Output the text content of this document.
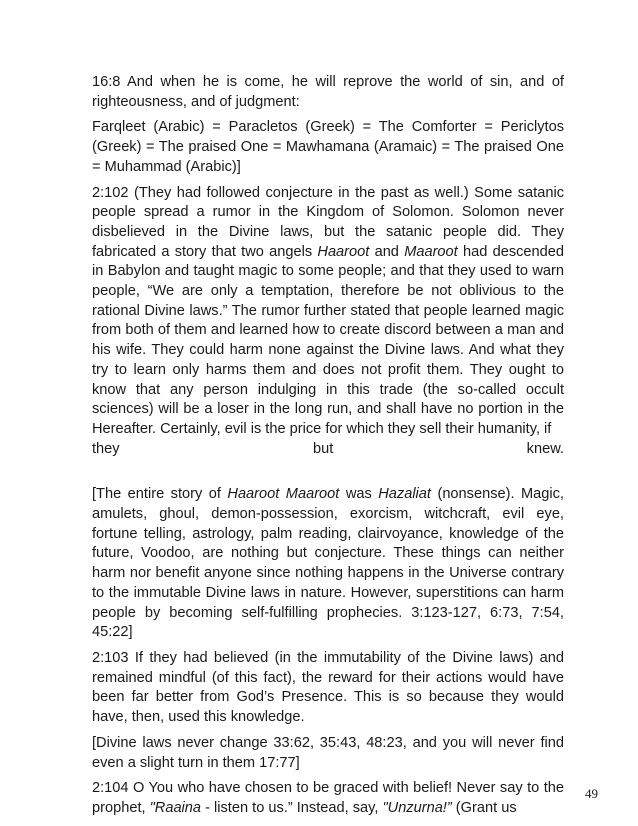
16:8 And when he is come, he will reprove the world of sin, and of righteousness, and of judgment:

Farqleet (Arabic) = Paracletos (Greek) = The Comforter = Periclytos (Greek) = The praised One = Mawhamana (Aramaic) = The praised One = Muhammad (Arabic)]

2:102 (They had followed conjecture in the past as well.) Some satanic people spread a rumor in the Kingdom of Solomon. Solomon never disbelieved in the Divine laws, but the satanic people did. They fabricated a story that two angels Haaroot and Maaroot had descended in Babylon and taught magic to some people; and that they used to warn people, “We are only a temptation, therefore be not oblivious to the rational Divine laws.” The rumor further stated that people learned magic from both of them and learned how to create discord between a man and his wife. They could harm none against the Divine laws. And what they try to learn only harms them and does not profit them. They ought to know that any person indulging in this trade (the so-called occult sciences) will be a loser in the long run, and shall have no portion in the Hereafter. Certainly, evil is the price for which they sell their humanity, if
they	but	knew.

[The entire story of Haaroot Maaroot was Hazaliat (nonsense). Magic, amulets, ghoul, demon-possession, exorcism, witchcraft, evil eye, fortune telling, astrology, palm reading, clairvoyance, knowledge of the future, Voodoo, are nothing but conjecture. These things can neither harm nor benefit anyone since nothing happens in the Universe contrary to the immutable Divine laws in nature. However, superstitions can harm people by becoming self-fulfilling prophecies. 3:123-127, 6:73, 7:54, 45:22]

2:103 If they had believed (in the immutability of the Divine laws) and remained mindful (of this fact), the reward for their actions would have been far better from God’s Presence. This is so because they would have, then, used this knowledge.

[Divine laws never change 33:62, 35:43, 48:23, and you will never find even a slight turn in them 17:77]

2:104 O You who have chosen to be graced with belief! Never say to the prophet, "Raaina - listen to us.” Instead, say, "Unzurna!” (Grant us

49
